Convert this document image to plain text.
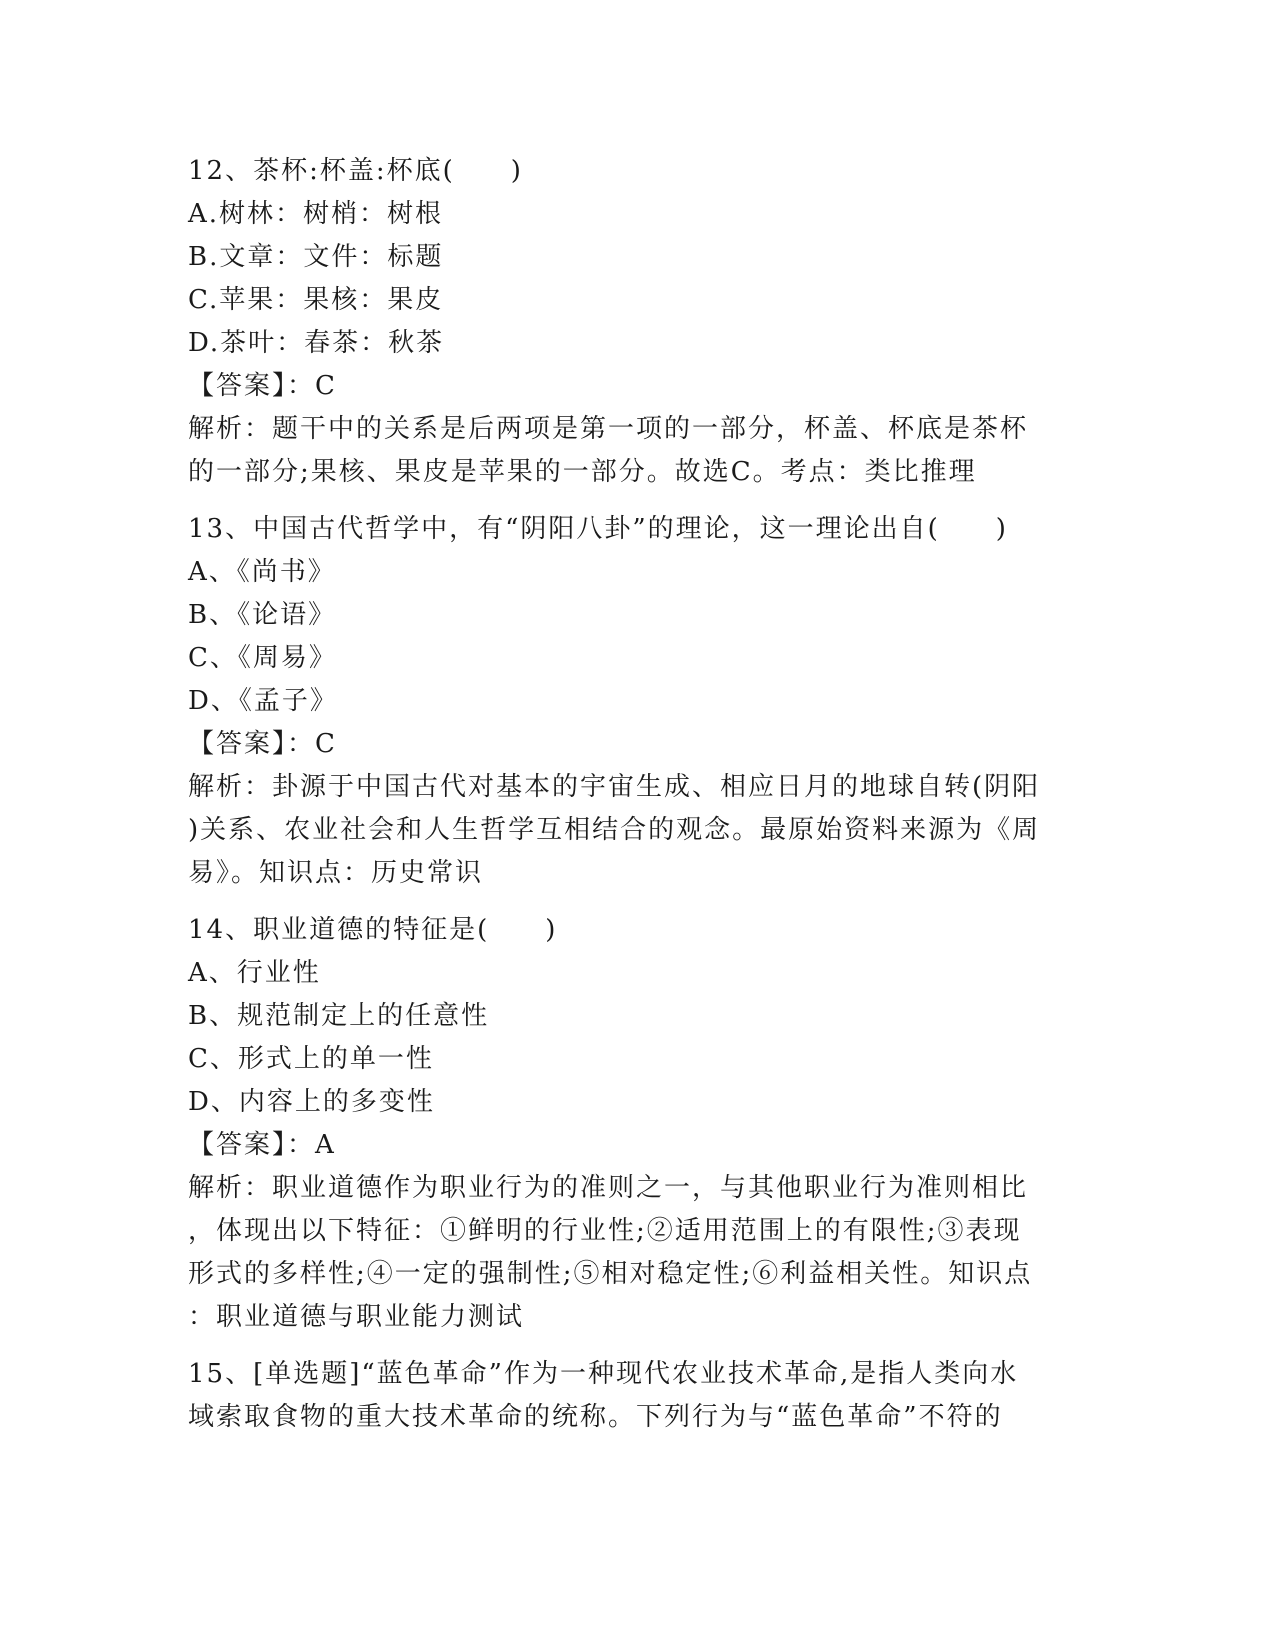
12、茶杯:杯盖:杯底(　　)
A.树林：树梢：树根
B.文章：文件：标题
C.苹果：果核：果皮
D.茶叶：春茶：秋茶
【答案】：C
解析：题干中的关系是后两项是第一项的一部分，杯盖、杯底是茶杯
的一部分;果核、果皮是苹果的一部分。故选C。考点：类比推理
13、中国古代哲学中，有“阴阳八卦”的理论，这一理论出自(　　)
A、《尚书》
B、《论语》
C、《周易》
D、《孟子》
【答案】：C
解析：卦源于中国古代对基本的宇宙生成、相应日月的地球自转(阴阳
)关系、农业社会和人生哲学互相结合的观念。最原始资料来源为《周
易》。知识点：历史常识
14、职业道德的特征是(　　)
A、行业性
B、规范制定上的任意性
C、形式上的单一性
D、内容上的多变性
【答案】：A
解析：职业道德作为职业行为的准则之一，与其他职业行为准则相比
，体现出以下特征：①鲜明的行业性;②适用范围上的有限性;③表现
形式的多样性;④一定的强制性;⑤相对稳定性;⑥利益相关性。知识点
：职业道德与职业能力测试
15、[单选题]“蓝色革命”作为一种现代农业技术革命,是指人类向水
域索取食物的重大技术革命的统称。下列行为与“蓝色革命”不符的
